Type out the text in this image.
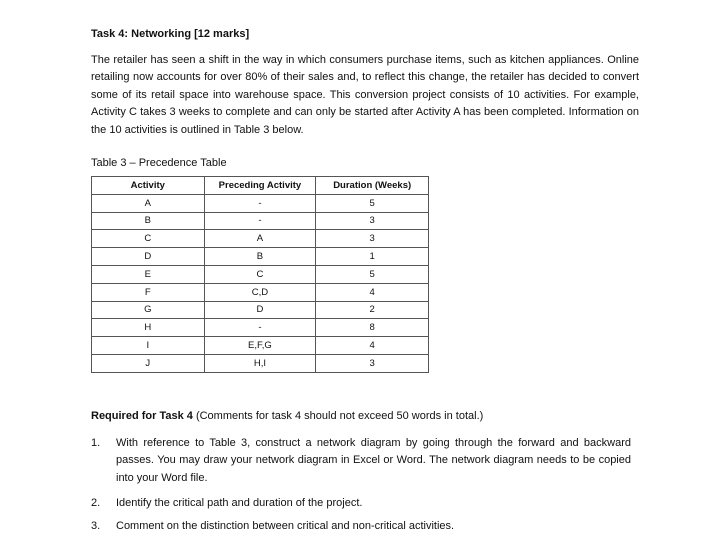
Task 4: Networking [12 marks]

The retailer has seen a shift in the way in which consumers purchase items, such as kitchen appliances. Online retailing now accounts for over 80% of their sales and, to reflect this change, the retailer has decided to convert some of its retail space into warehouse space. This conversion project consists of 10 activities. For example, Activity C takes 3 weeks to complete and can only be started after Activity A has been completed. Information on the 10 activities is outlined in Table 3 below.

Table 3 – Precedence Table
Activity	Preceding Activity	Duration (Weeks)
A	-	5
B	-	3
C	A	3
D	B	1
E	C	5
F	C,D	4
G	D	2
H	-	8
I	E,F,G	4
J	H,I	3
Required for Task 4 (Comments for task 4 should not exceed 50 words in total.)
1. With reference to Table 3, construct a network diagram by going through the forward and backward passes. You may draw your network diagram in Excel or Word. The network diagram needs to be copied into your Word file.
2. Identify the critical path and duration of the project.
3. Comment on the distinction between critical and non-critical activities.
